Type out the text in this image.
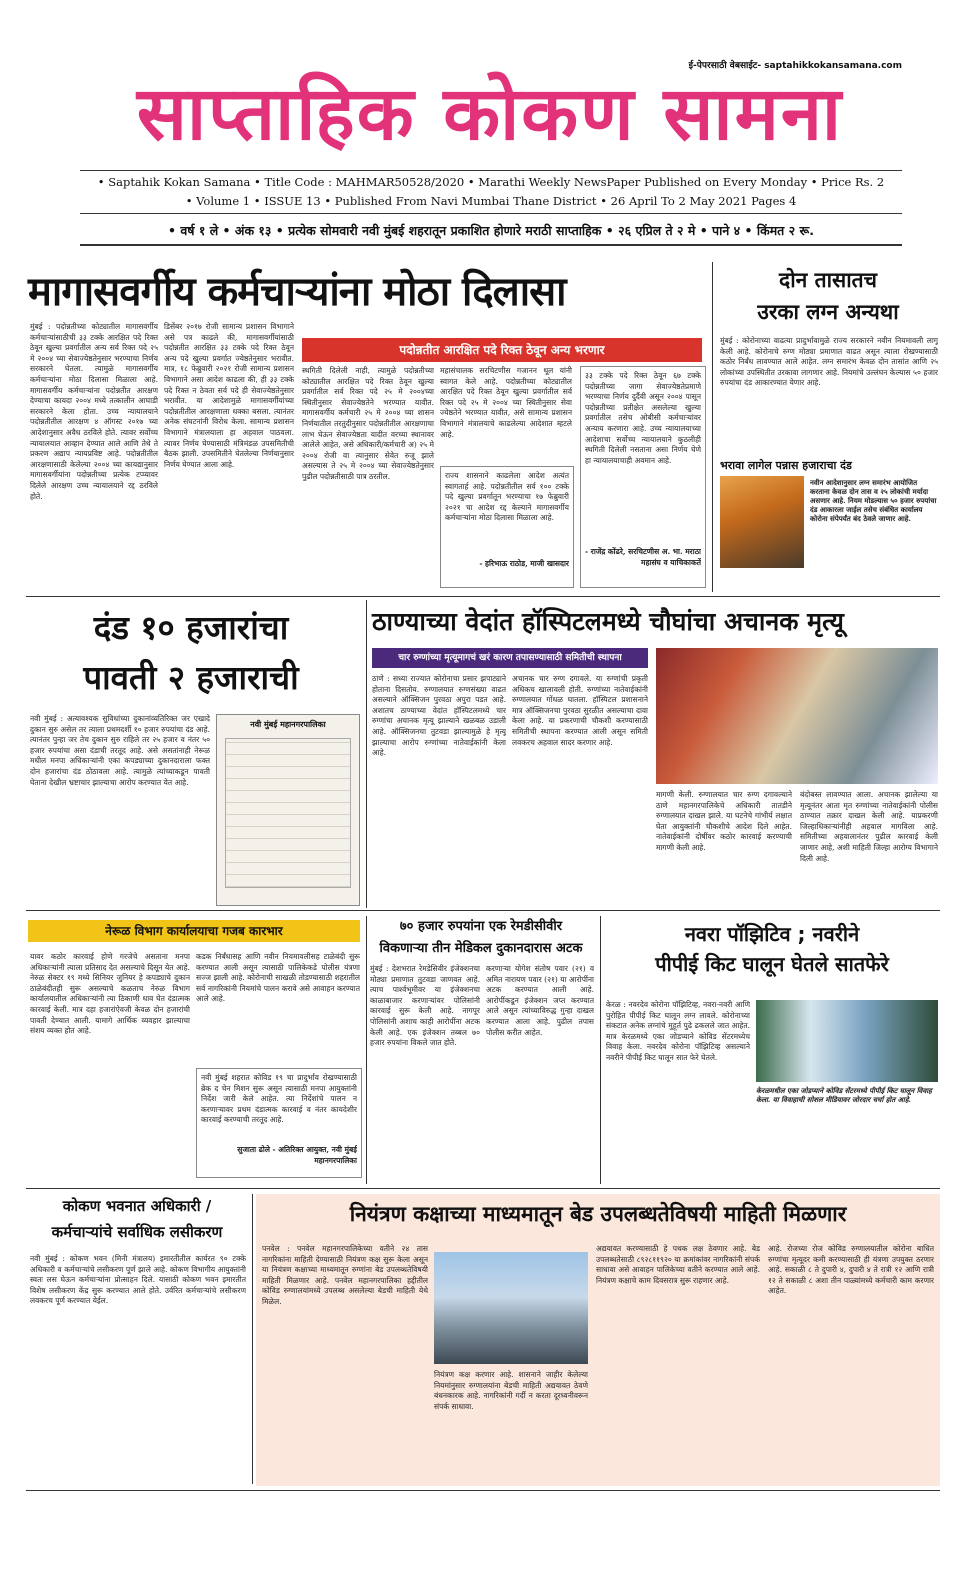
ई-पेपरसाठी वेबसाईट- saptahikkokansamana.com
साप्ताहिक कोकण सामना
• Saptahik Kokan Samana • Title Code : MAHMAR50528/2020 • Marathi Weekly NewsPaper Published on Every Monday • Price Rs. 2
• Volume 1 • ISSUE 13 • Published From Navi Mumbai Thane District • 26 April To 2 May 2021 Pages 4
• वर्ष १ ले • अंक १३ • प्रत्येक सोमवारी नवी मुंबई शहरातून प्रकाशित होणारे मराठी साप्ताहिक • २६ एप्रिल ते २ मे • पाने ४ • किंमत २ रू.
मागासवर्गीय कर्मचाऱ्यांना मोठा दिलासा
मुंबई : पदोन्नतीच्या कोट्यातील मागासवर्गीय कर्मचाऱ्यांसाठीची ३३ टक्के आरक्षित पदे रिक्त ठेवून खुल्या प्रवर्गातील अन्य सर्व रिक्त पदे २५ मे २००४ च्या सेवाज्येष्ठतेनुसार भरण्याचा निर्णय सरकारने घेतला. त्यामुळे मागासवर्गीय कर्मचाऱ्यांना मोठा दिलासा मिळाला आहे. मागासवर्गीय कर्मचाऱ्यांना पदोन्नतीत आरक्षण देण्याचा कायदा २००४ मध्ये तत्कालीन आघाडी सरकारने केला होता. उच्च न्यायालयाने पदोन्नतीतील आरक्षण ४ ऑगस्ट २०१७ च्या आदेशानुसार अवैध ठरविले होते. त्यावर सर्वोच्च न्यायालयात आव्हान देण्यात आले आणि तेथे ते प्रकरण अद्याप न्यायप्रविष्ट आहे. पदोन्नतीतील आरक्षणासाठी केलेल्या २००४ च्या कायद्यानुसार मागासवर्गीयांना पदोन्नतीच्या प्रत्येक टप्प्यावर दिलेले आरक्षण उच्च न्यायालयाने रद्द ठरविले होते.
डिसेंबर २०१७ रोजी सामान्य प्रशासन विभागाने असे पत्र काढले की, मागासवर्गीयांसाठी पदोन्नतीत आरक्षित ३३ टक्के पदे रिक्त ठेवून अन्य पदे खुल्या प्रवर्गात ज्येष्ठतेनुसार भरावीत. मात्र, १८ फेब्रुवारी २०२१ रोजी सामान्य प्रशासन विभागाने असा आदेश काढला की, ही ३३ टक्के पदे रिक्त न ठेवता सर्व पदे ही सेवाज्येष्ठतेनुसार भरावीत. या आदेशामुळे मागासवर्गीयांच्या पदोन्नतीतील आरक्षणाला धक्का बसला. त्यानंतर अनेक संघटनांनी विरोध केला. सामान्य प्रशासन विभागाने मंत्रालयाला हा अहवाल पाठवला. त्यावर निर्णय घेण्यासाठी मंत्रिमंडळ उपसमितीची बैठक झाली. उपसमितीने घेतलेल्या निर्णयानुसार निर्णय घेण्यात आला आहे.
पदोन्नतीत आरक्षित पदे रिक्त ठेवून अन्य भरणार
स्थगिती दिलेली नाही, त्यामुळे पदोन्नतीच्या कोट्यातील आरक्षित पदे रिक्त ठेवून खुल्या प्रवर्गातील सर्व रिक्त पदे २५ मे २००४च्या स्थितीनुसार सेवाज्येष्ठतेने भरण्यात यावीत. मागासवर्गीय कर्मचारी २५ मे २००४ च्या शासन निर्णयातील तरतुदीनुसार पदोन्नतीतील आरक्षणाचा लाभ घेऊन सेवाज्येष्ठता यादीत वरच्या स्थानावर आलेले आहेत, असे अधिकारी/कर्मचारी अ) २५ मे २००४ रोजी वा त्यानुसार सेवेत रुजू झाले असल्यास ते २५ मे २००४ च्या सेवाज्येष्ठतेनुसार पुढील पदोन्नतीसाठी पात्र ठरतील.
महासंचालक सरचिटणीस गजानन थूल यांनी स्वागत केले आहे. पदोन्नतीच्या कोट्यातील आरक्षित पदे रिक्त ठेवून खुल्या प्रवर्गातील सर्व रिक्त पदे २५ मे २००४ च्या स्थितीनुसार सेवा ज्येष्ठतेने भरण्यात यावीत, असे सामान्य प्रशासन विभागाने मंत्रालयाचे काढलेल्या आदेशात म्हटले आहे.
राज्य शासनाने काढलेला आदेश अत्यंत स्वागतार्ह आहे. पदोन्नतीतील सर्व १०० टक्के पदे खुल्या प्रवर्गातून भरण्याचा १७ फेब्रुवारी २०२१ चा आदेश रद्द केल्याने मागासवर्गीय कर्मचाऱ्यांना मोठा दिलासा मिळाला आहे.
- हरिभाऊ राठोड, माजी खासदार
३३ टक्के पदे रिक्त ठेवून ६७ टक्के पदोन्नतीच्या जागा सेवाज्येष्ठतेप्रमाणे भरण्याचा निर्णय दुर्दैवी असून २००४ पासून पदोन्नतीच्या प्रतीक्षेत असलेल्या खुल्या प्रवर्गातील तसेच ओबीसी कर्मचाऱ्यांवर अन्याय करणारा आहे. उच्च न्यायालयाच्या आदेशाचा सर्वोच्च न्यायालयाने कुठलीही स्थगिती दिलेली नसताना असा निर्णय घेणे हा न्यायालयाचाही अवमान आहे.
- राजेंद्र कोंढरे, सरचिटणीस अ. भा. मराठा महासंघ व याचिकाकर्ते
दोन तासातच
उरका लग्न अन्यथा
मुंबई : कोरोनाच्या वाढत्या प्रादुर्भावामुळे राज्य सरकारने नवीन नियमावली लागू केली आहे. कोरोनाचे रुग्ण मोठ्या प्रमाणात वाढत असून त्याला रोखण्यासाठी कठोर निर्बंध लावण्यात आले आहेत. लग्न समारंभ केवळ दोन तासांत आणि २५ लोकांच्या उपस्थितीत उरकावा लागणार आहे. नियमांचे उल्लंघन केल्यास ५० हजार रुपयांचा दंड आकारण्यात येणार आहे.
भरावा लागेल पन्नास हजाराचा दंड
नवीन आदेशानुसार लग्न समारंभ आयोजित करताना केवळ दोन तास व २५ लोकांची मर्यादा असणार आहे. नियम मोडल्यास ५० हजार रुपयांचा दंड आकारला जाईल तसेच संबंधित कार्यालय कोरोना संपेपर्यंत बंद ठेवले जाणार आहे.
दंड १० हजारांचा
पावती २ हजाराची
नवी मुंबई : अत्यावश्यक सुविधांच्या दुकानांव्यतिरिक्त जर एखादे दुकान सुरु असेल तर त्याला प्रथमदर्शी १० हजार रुपयांचा दंड आहे. त्यानंतर पुन्हा जर तेच दुकान सुरु राहिले तर २५ हजार व नंतर ५० हजार रुपयांचा असा दंडाची तरतूद आहे. असे असतांनाही नेरूळ मधील मनपा अधिकाऱ्यांनी एका कपड्याच्या दुकानदाराला फक्त दोन हजारांचा दंड ठोठावला आहे. त्यामुळे त्यांच्याकडून पावती घेताना देखील भ्रष्टाचार झाल्याचा आरोप करण्यात येत आहे.
नवी मुंबई महानगरपालिका
ठाण्याच्या वेदांत हॉस्पिटलमध्ये चौघांचा अचानक मृत्यू
चार रुग्णांच्या मृत्यूमागचं खरं कारण तपासण्यासाठी समितीची स्थापना
ठाणे : सध्या राज्यात कोरोनाचा प्रसार झपाट्याने होताना दिसतोय. रुग्णालयात रुग्णसंख्या वाढत असल्याने ऑक्सिजन पुरवठा अपुरा पडत आहे. अशातच ठाण्याच्या वेदांत हॉस्पिटलमध्ये चार रुग्णांचा अचानक मृत्यू झाल्याने खळबळ उडाली आहे. ऑक्सिजनचा तुटवडा झाल्यामुळे हे मृत्यू झाल्याचा आरोप रुग्णांच्या नातेवाईकांनी केला आहे.
अचानक चार रुग्ण दगावले. या रुग्णांची प्रकृती अधिकच खालावली होती. रुग्णांच्या नातेवाईकांनी रुग्णालयात गोंधळ घातला. हॉस्पिटल प्रशासनाने मात्र ऑक्सिजनचा पुरवठा सुरळीत असल्याचा दावा केला आहे. या प्रकरणाची चौकशी करण्यासाठी समितीची स्थापना करण्यात आली असून समिती लवकरच अहवाल सादर करणार आहे.
मागणी केली. रुग्णालयात चार रुग्ण दगावल्याने ठाणे महानगरपालिकेचे अधिकारी तातडीने रुग्णालयात दाखल झाले. या घटनेचे गांभीर्य लक्षात घेता आयुक्तांनी चौकशीचे आदेश दिले आहेत. नातेवाईकांनी दोषींवर कठोर कारवाई करण्याची मागणी केली आहे.
बंदोबस्त लावण्यात आला. अचानक झालेल्या या मृत्यूनंतर आता मृत रुग्णांच्या नातेवाईकांनी पोलीस ठाण्यात तक्रार दाखल केली आहे. याप्रकरणी जिल्हाधिकाऱ्यांनीही अहवाल मागविला आहे. समितीच्या अहवालानंतर पुढील कारवाई केली जाणार आहे, अशी माहिती जिल्हा आरोग्य विभागाने दिली आहे.
नेरूळ विभाग कार्यालयाचा गजब कारभार
यावर कठोर कारवाई होणे गरजेचे असताना मनपा अधिकाऱ्यांनी त्याला प्रतिसाद देत असल्याचे दिसून येत आहे. नेरुळ सेक्टर १९ मध्ये सिनियर जुनियर हे कपड्याचे दुकान ठाळेबंदीतही सुरू असल्याचे कळताच नेरुळ विभाग कार्यालयातील अधिकाऱ्यांनी त्या ठिकाणी धाव घेत दंडात्मक कारवाई केली. मात्र दहा हजारांऐवजी केवळ दोन हजारांची पावती देण्यात आली. यामागे आर्थिक व्यवहार झाल्याचा संशय व्यक्त होत आहे.
कडक निर्बंधासह आणि नवीन नियमावलीसह टाळेबंदी सुरू करण्यात आली असून त्यासाठी पालिकेकडे पोलीस यंत्रणा सज्ज झाली आहे. कोरोनाची साखळी तोडण्यासाठी शहरातील सर्व नागरिकांनी नियमांचे पालन करावे असे आवाहन करण्यात आले आहे.
नवी मुंबई शहरात कोविड १९ चा प्रादुर्भाव रोखण्यासाठी ब्रेक द चेन मिशन सुरू असून त्यासाठी मनपा आयुक्तांनी निर्देश जारी केले आहेत. त्या निर्देशांचे पालन न करणाऱ्यावर प्रथम दंडात्मक कारवाई व नंतर कायदेशीर कारवाई करण्याची तरतूद आहे.
सुजाता ढोले - अतिरिक्त आयुक्त, नवी मुंबई महानगरपालिका
७० हजार रुपयांना एक रेमडीसीवीर
विकणाऱ्या तीन मेडिकल दुकानदारास अटक
मुंबई : देशभरात रेमडेसिवीर इंजेक्शनचा मोठ्या प्रमाणात तुटवडा जाणवत आहे. त्याच पार्श्वभूमीवर या इंजेक्शनचा काळाबाजार करणाऱ्यांवर पोलिसांनी कारवाई सुरू केली आहे. नागपूर पोलिसांनी अशाच काही आरोपींना अटक केली आहे. एक इंजेक्शन तब्बल ७० हजार रुपयांना विकले जात होते.
करणाऱ्या योगेश संतोष पवार (२१) व अमित नारायण पवार (२१) या आरोपींना अटक करण्यात आली आहे. आरोपींकडून इंजेक्शन जप्त करण्यात आले असून त्यांच्याविरुद्ध गुन्हा दाखल करण्यात आला आहे. पुढील तपास पोलीस करीत आहेत.
नवरा पॉझिटिव ; नवरीने
पीपीई किट घालून घेतले सातफेरे
केरळ : नवरदेव कोरोना पॉझिटिव्ह, नवरा-नवरी आणि पुरोहित पीपीई किट घालून लग्न लावले. कोरोनाच्या संकटात अनेक लग्नांचे मुहूर्त पुढे ढकलले जात आहेत. मात्र केरळमध्ये एका जोडप्याने कोविड सेंटरमध्येच विवाह केला. नवरदेव कोरोना पॉझिटिव्ह असल्याने नवरीने पीपीई किट घालून सात फेरे घेतले.
केरळमधील एका जोडप्याने कोविड सेंटरमध्ये पीपीई किट घालून विवाह केला. या विवाहाची सोशल मीडियावर जोरदार चर्चा होत आहे.
कोकण भवनात अधिकारी /
कर्मचाऱ्यांचे सर्वाधिक लसीकरण
नवी मुंबई : कोकण भवन (मिनी मंत्रालय) इमारतीतील कार्यरत ९० टक्के अधिकारी व कर्मचाऱ्यांचे लसीकरण पूर्ण झाले आहे. कोकण विभागीय आयुक्तांनी स्वतः लस घेऊन कर्मचाऱ्यांना प्रोत्साहन दिले. यासाठी कोकण भवन इमारतीत विशेष लसीकरण केंद्र सुरू करण्यात आले होते. उर्वरित कर्मचाऱ्यांचे लसीकरण लवकरच पूर्ण करण्यात येईल.
नियंत्रण कक्षाच्या माध्यमातून बेड उपलब्धतेविषयी माहिती मिळणार
पनवेल : पनवेल महानगरपालिकेच्या वतीने २४ तास नागरिकांना माहिती देण्यासाठी नियंत्रण कक्ष सुरू केला असून या नियंत्रण कक्षाच्या माध्यमातून रुग्णांना बेड उपलब्धतेविषयी माहिती मिळणार आहे. पनवेल महानगरपालिका हद्दीतील कोविड रुग्णालयांमध्ये उपलब्ध असलेल्या बेडची माहिती येथे मिळेल.
नियंत्रण कक्ष करणार आहे. शासनाने जाहीर केलेल्या नियमांनुसार रुग्णालयांना बेडची माहिती अद्ययावत ठेवणे बंधनकारक आहे. नागरिकांनी गर्दी न करता दूरध्वनीवरून संपर्क साधावा.
अद्ययावत करण्यासाठी हे पथक लक्ष ठेवणार आहे. बेड उपलब्धतेसाठी ८९२८११९२० या क्रमांकांवर नागरिकांनी संपर्क साधावा असे आवाहन पालिकेच्या वतीने करण्यात आले आहे. नियंत्रण कक्षाचे काम दिवसरात्र सुरू राहणार आहे.
आहे. रोजच्या रोज कोविड रुग्णालयातील कोरोना बाधित रुग्णांचा मृत्यूदर कमी करण्यासाठी ही यंत्रणा उपयुक्त ठरणार आहे. सकाळी ८ ते दुपारी ४, दुपारी ४ ते रात्री १२ आणि रात्री १२ ते सकाळी ८ अशा तीन पाळ्यांमध्ये कर्मचारी काम करणार आहेत.
